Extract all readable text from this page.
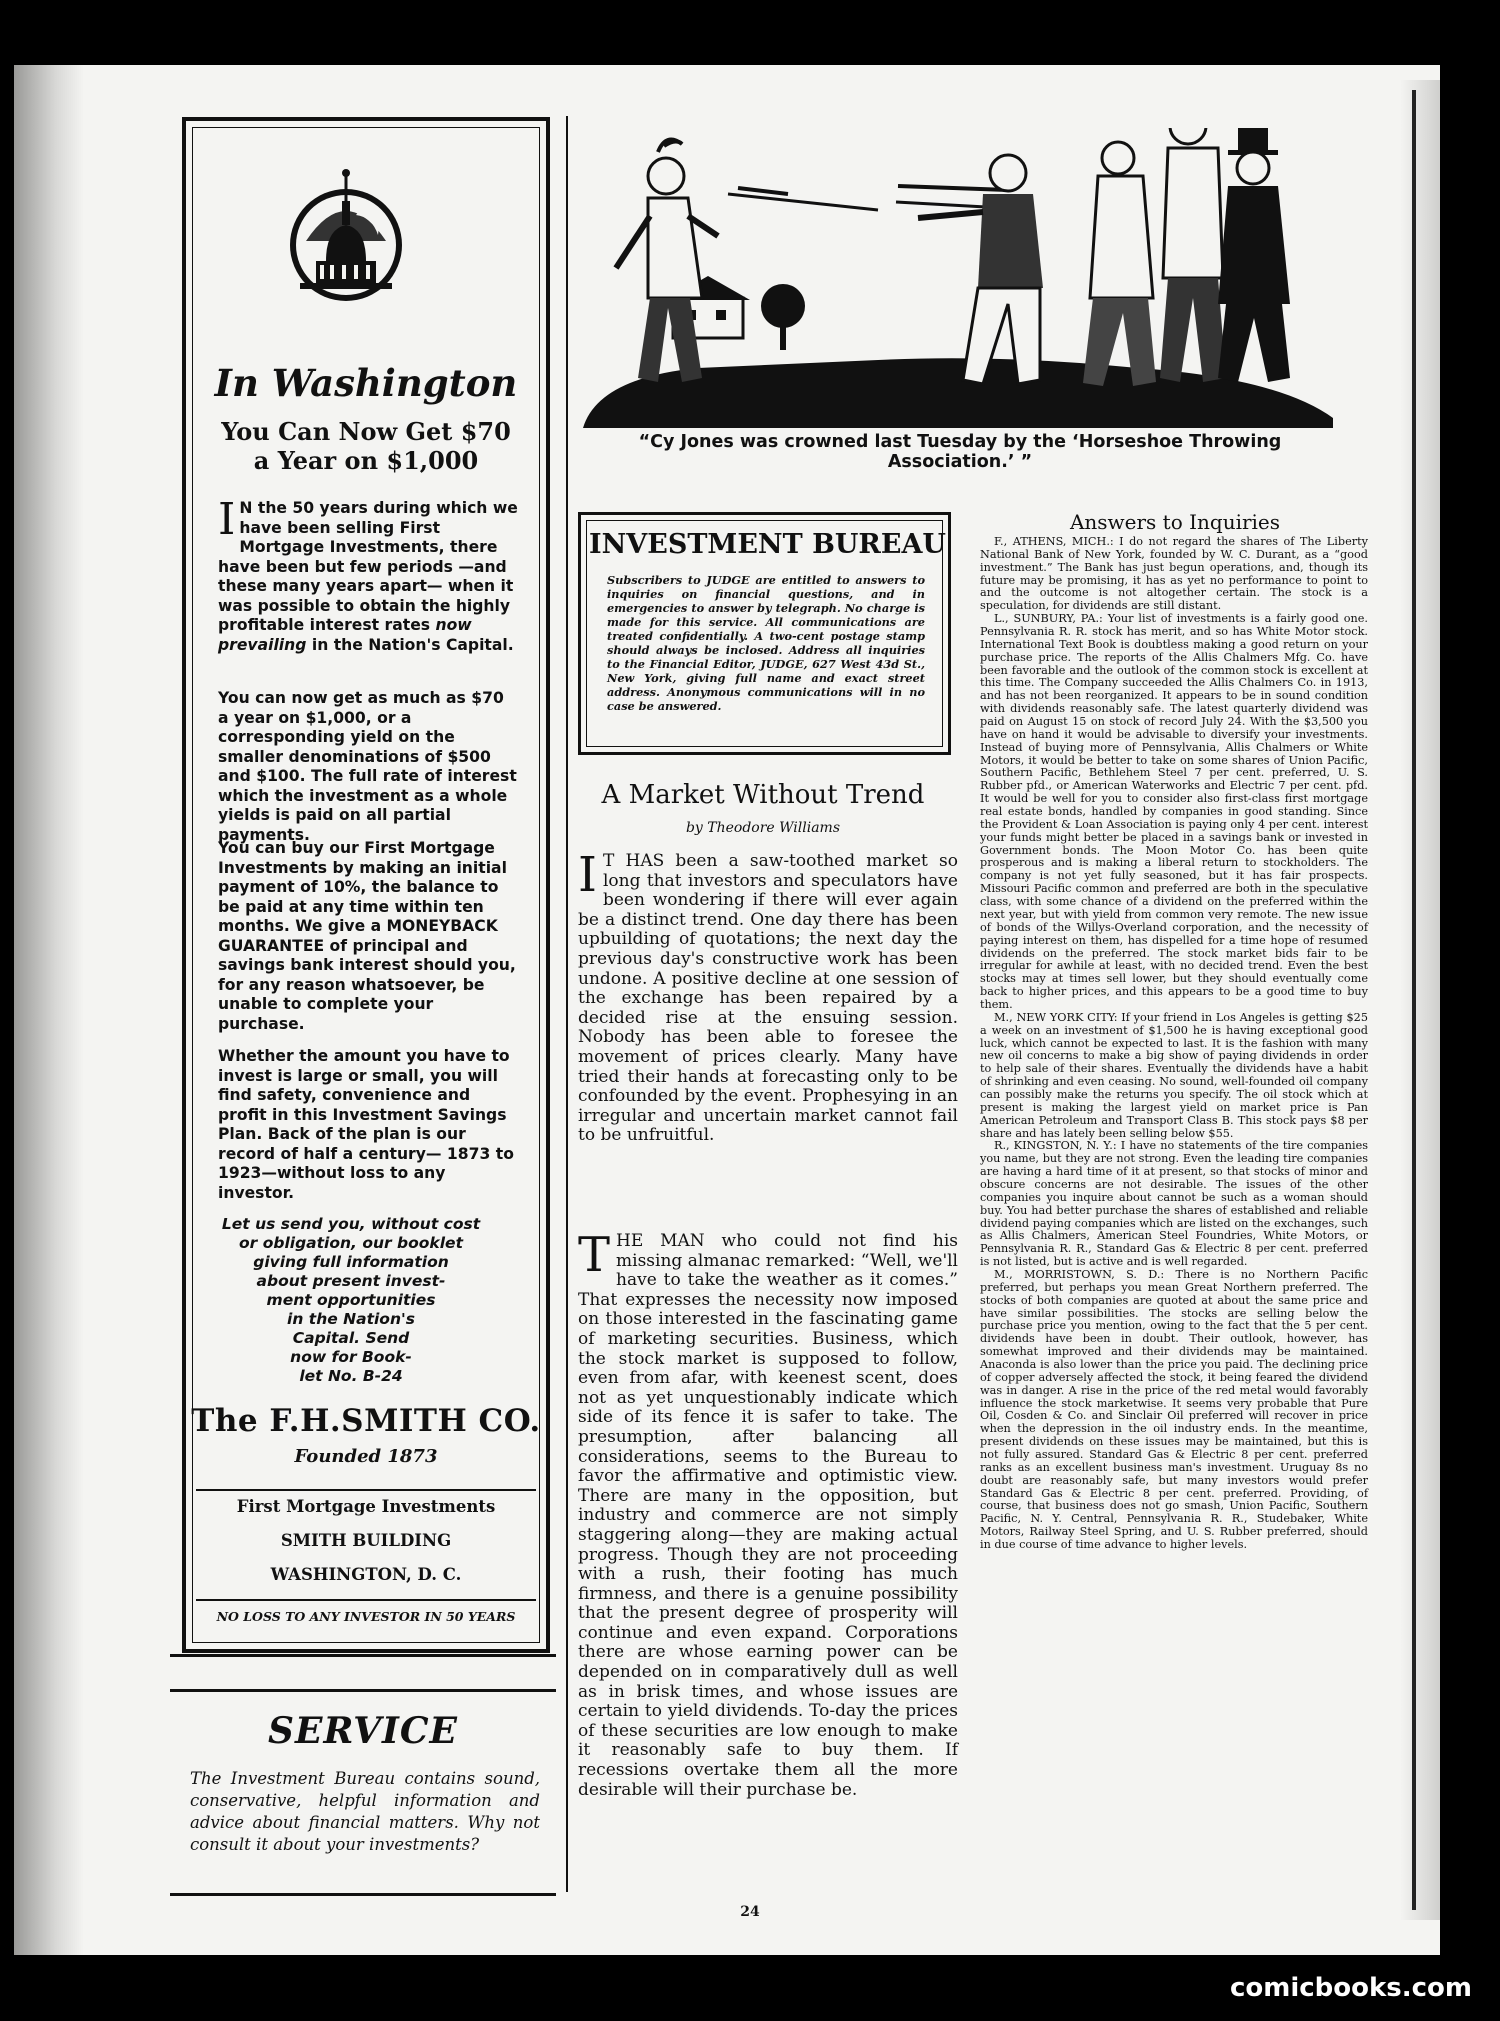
In Washington
You Can Now Get $70 a Year on $1,000
I N the 50 years during which we have been selling First Mortgage Investments, there have been but few periods —and these many years apart— when it was possible to obtain the highly profitable interest rates now prevailing in the Nation's Capital.
You can now get as much as $70 a year on $1,000, or a corresponding yield on the smaller denominations of $500 and $100. The full rate of interest which the investment as a whole yields is paid on all partial payments.
You can buy our First Mortgage Investments by making an initial payment of 10%, the balance to be paid at any time within ten months. We give a MONEYBACK GUARANTEE of principal and savings bank interest should you, for any reason whatsoever, be unable to complete your purchase.
Whether the amount you have to invest is large or small, you will find safety, convenience and profit in this Investment Savings Plan. Back of the plan is our record of half a century— 1873 to 1923—without loss to any investor.
Let us send you, without cost
or obligation, our booklet
giving full information
about present invest-
ment opportunities
in the Nation's
Capital. Send
now for Book-
let No. B-24
The F.H.SMITH CO.
Founded 1873
First Mortgage Investments
SMITH BUILDING
WASHINGTON, D. C.
NO LOSS TO ANY INVESTOR IN 50 YEARS
SERVICE
The Investment Bureau contains sound, conservative, helpful information and advice about financial matters. Why not consult it about your investments?
“Cy Jones was crowned last Tuesday by the ‘Horseshoe Throwing
Association.’ ”
INVESTMENT BUREAU
Subscribers to JUDGE are entitled to answers to inquiries on financial questions, and in emergencies to answer by telegraph. No charge is made for this service. All communications are treated confidentially. A two-cent postage stamp should always be inclosed. Address all inquiries to the Financial Editor, JUDGE, 627 West 43d St., New York, giving full name and exact street address. Anonymous communications will in no case be answered.
A Market Without Trend
by Theodore Williams
I T HAS been a saw-toothed market so long that investors and speculators have been wondering if there will ever again be a distinct trend. One day there has been upbuilding of quotations; the next day the previous day's constructive work has been undone. A positive decline at one session of the exchange has been repaired by a decided rise at the ensuing session. Nobody has been able to foresee the movement of prices clearly. Many have tried their hands at forecasting only to be confounded by the event. Prophesying in an irregular and uncertain market cannot fail to be unfruitful.
THE MAN who could not find his missing almanac remarked: “Well, we'll have to take the weather as it comes.” That expresses the necessity now imposed on those interested in the fascinating game of marketing securities. Business, which the stock market is supposed to follow, even from afar, with keenest scent, does not as yet unquestionably indicate which side of its fence it is safer to take. The presumption, after balancing all considerations, seems to the Bureau to favor the affirmative and optimistic view. There are many in the opposition, but industry and commerce are not simply staggering along—they are making actual progress. Though they are not proceeding with a rush, their footing has much firmness, and there is a genuine possibility that the present degree of prosperity will continue and even expand. Corporations there are whose earning power can be depended on in comparatively dull as well as in brisk times, and whose issues are certain to yield dividends. To-day the prices of these securities are low enough to make it reasonably safe to buy them. If recessions overtake them all the more desirable will their purchase be.
24
Answers to Inquiries

F., ATHENS, MICH.: I do not regard the shares of The Liberty National Bank of New York, founded by W. C. Durant, as a “good investment.” The Bank has just begun operations, and, though its future may be promising, it has as yet no performance to point to and the outcome is not altogether certain. The stock is a speculation, for dividends are still distant.

L., SUNBURY, PA.: Your list of investments is a fairly good one. Pennsylvania R. R. stock has merit, and so has White Motor stock. International Text Book is doubtless making a good return on your purchase price. The reports of the Allis Chalmers Mfg. Co. have been favorable and the outlook of the common stock is excellent at this time. The Company succeeded the Allis Chalmers Co. in 1913, and has not been reorganized. It appears to be in sound condition with dividends reasonably safe. The latest quarterly dividend was paid on August 15 on stock of record July 24. With the $3,500 you have on hand it would be advisable to diversify your investments. Instead of buying more of Pennsylvania, Allis Chalmers or White Motors, it would be better to take on some shares of Union Pacific, Southern Pacific, Bethlehem Steel 7 per cent. preferred, U. S. Rubber pfd., or American Waterworks and Electric 7 per cent. pfd. It would be well for you to consider also first-class first mortgage real estate bonds, handled by companies in good standing. Since the Provident & Loan Association is paying only 4 per cent. interest your funds might better be placed in a savings bank or invested in Government bonds. The Moon Motor Co. has been quite prosperous and is making a liberal return to stockholders. The company is not yet fully seasoned, but it has fair prospects. Missouri Pacific common and preferred are both in the speculative class, with some chance of a dividend on the preferred within the next year, but with yield from common very remote. The new issue of bonds of the Willys-Overland corporation, and the necessity of paying interest on them, has dispelled for a time hope of resumed dividends on the preferred. The stock market bids fair to be irregular for awhile at least, with no decided trend. Even the best stocks may at times sell lower, but they should eventually come back to higher prices, and this appears to be a good time to buy them.

M., NEW YORK CITY: If your friend in Los Angeles is getting $25 a week on an investment of $1,500 he is having exceptional good luck, which cannot be expected to last. It is the fashion with many new oil concerns to make a big show of paying dividends in order to help sale of their shares. Eventually the dividends have a habit of shrinking and even ceasing. No sound, well-founded oil company can possibly make the returns you specify. The oil stock which at present is making the largest yield on market price is Pan American Petroleum and Transport Class B. This stock pays $8 per share and has lately been selling below $55.

R., KINGSTON, N. Y.: I have no statements of the tire companies you name, but they are not strong. Even the leading tire companies are having a hard time of it at present, so that stocks of minor and obscure concerns are not desirable. The issues of the other companies you inquire about cannot be such as a woman should buy. You had better purchase the shares of established and reliable dividend paying companies which are listed on the exchanges, such as Allis Chalmers, American Steel Foundries, White Motors, or Pennsylvania R. R., Standard Gas & Electric 8 per cent. preferred is not listed, but is active and is well regarded.

M., MORRISTOWN, S. D.: There is no Northern Pacific preferred, but perhaps you mean Great Northern preferred. The stocks of both companies are quoted at about the same price and have similar possibilities. The stocks are selling below the purchase price you mention, owing to the fact that the 5 per cent. dividends have been in doubt. Their outlook, however, has somewhat improved and their dividends may be maintained. Anaconda is also lower than the price you paid. The declining price of copper adversely affected the stock, it being feared the dividend was in danger. A rise in the price of the red metal would favorably influence the stock marketwise. It seems very probable that Pure Oil, Cosden & Co. and Sinclair Oil preferred will recover in price when the depression in the oil industry ends. In the meantime, present dividends on these issues may be maintained, but this is not fully assured. Standard Gas & Electric 8 per cent. preferred ranks as an excellent business man's investment. Uruguay 8s no doubt are reasonably safe, but many investors would prefer Standard Gas & Electric 8 per cent. preferred. Providing, of course, that business does not go smash, Union Pacific, Southern Pacific, N. Y. Central, Pennsylvania R. R., Studebaker, White Motors, Railway Steel Spring, and U. S. Rubber preferred, should in due course of time advance to higher levels.

comicbooks.com
